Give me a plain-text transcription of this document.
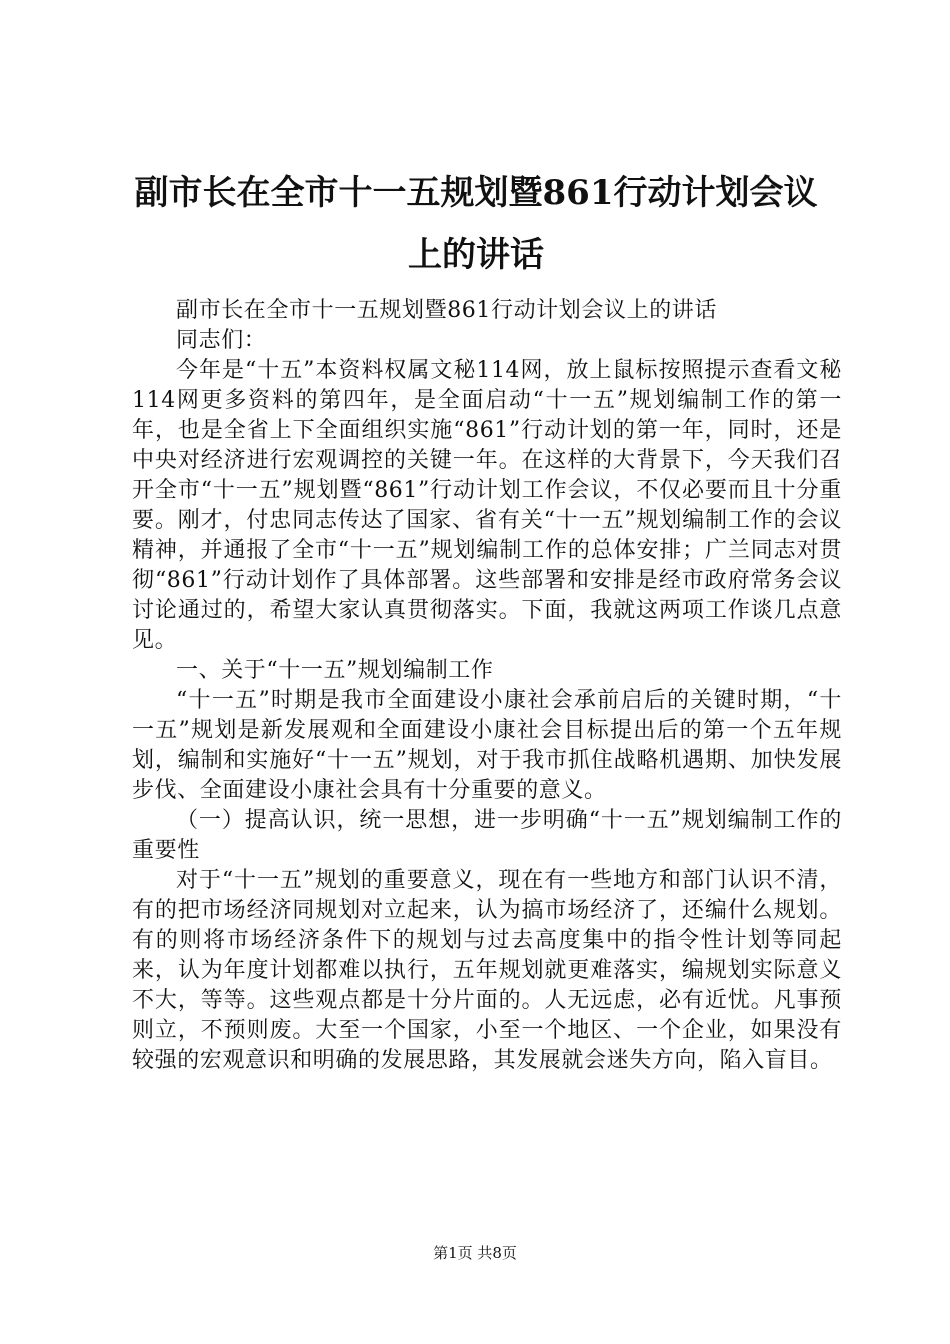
副市长在全市十一五规划暨861行动计划会议上的讲话

副市长在全市十一五规划暨861行动计划会议上的讲话

同志们：

今年是“十五”本资料权属文秘114网，放上鼠标按照提示查看文秘114网更多资料的第四年，是全面启动“十一五”规划编制工作的第一年，也是全省上下全面组织实施“861”行动计划的第一年，同时，还是中央对经济进行宏观调控的关键一年。在这样的大背景下，今天我们召开全市“十一五”规划暨“861”行动计划工作会议，不仅必要而且十分重要。刚才，付忠同志传达了国家、省有关“十一五”规划编制工作的会议精神，并通报了全市“十一五”规划编制工作的总体安排；广兰同志对贯彻“861”行动计划作了具体部署。这些部署和安排是经市政府常务会议讨论通过的，希望大家认真贯彻落实。下面，我就这两项工作谈几点意见。

一、关于“十一五”规划编制工作

“十一五”时期是我市全面建设小康社会承前启后的关键时期，“十一五”规划是新发展观和全面建设小康社会目标提出后的第一个五年规划，编制和实施好“十一五”规划，对于我市抓住战略机遇期、加快发展步伐、全面建设小康社会具有十分重要的意义。

（一）提高认识，统一思想，进一步明确“十一五”规划编制工作的重要性

对于“十一五”规划的重要意义，现在有一些地方和部门认识不清，有的把市场经济同规划对立起来，认为搞市场经济了，还编什么规划。有的则将市场经济条件下的规划与过去高度集中的指令性计划等同起来，认为年度计划都难以执行，五年规划就更难落实，编规划实际意义不大，等等。这些观点都是十分片面的。人无远虑，必有近忧。凡事预则立，不预则废。大至一个国家，小至一个地区、一个企业，如果没有较强的宏观意识和明确的发展思路，其发展就会迷失方向，陷入盲目。

第1页 共8页
